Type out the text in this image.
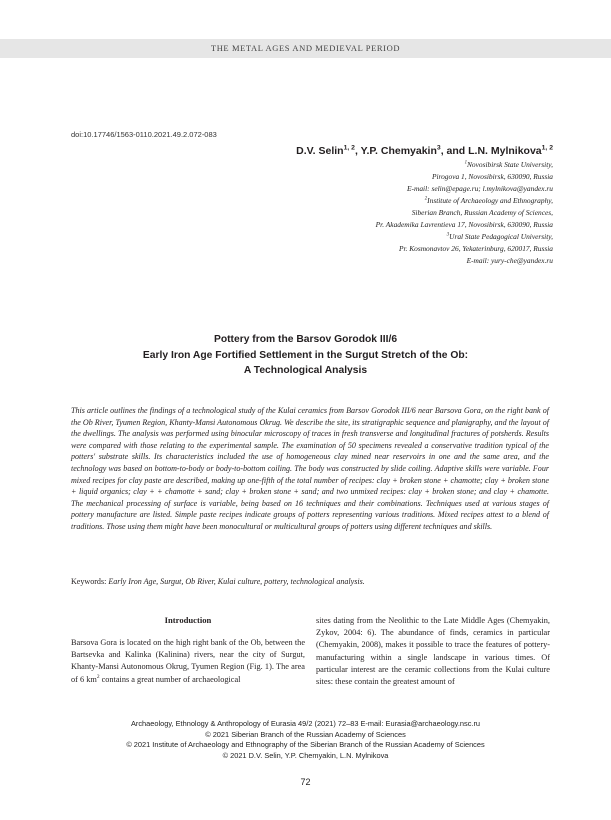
THE METAL AGES AND MEDIEVAL PERIOD
doi:10.17746/1563-0110.2021.49.2.072-083
D.V. Selin$^{1, 2}$, Y.P. Chemyakin$^3$, and L.N. Mylnikova$^{1, 2}$
$^1$Novosibirsk State University,
Pirogova 1, Novosibirsk, 630090, Russia
E-mail: selin@epage.ru; l.mylnikova@yandex.ru
$^2$Institute of Archaeology and Ethnography,
Siberian Branch, Russian Academy of Sciences,
Pr. Akademika Lavrentieva 17, Novosibirsk, 630090, Russia
$^3$Ural State Pedagogical University,
Pr. Kosmonavtov 26, Yekaterinburg, 620017, Russia
E-mail: yury-che@yandex.ru
Pottery from the Barsov Gorodok III/6
Early Iron Age Fortified Settlement in the Surgut Stretch of the Ob:
A Technological Analysis
This article outlines the findings of a technological study of the Kulai ceramics from Barsov Gorodok III/6 near Barsova Gora, on the right bank of the Ob River, Tyumen Region, Khanty-Mansi Autonomous Okrug. We describe the site, its stratigraphic sequence and planigraphy, and the layout of the dwellings. The analysis was performed using binocular microscopy of traces in fresh transverse and longitudinal fractures of potsherds. Results were compared with those relating to the experimental sample. The examination of 50 specimens revealed a conservative tradition typical of the potters' substrate skills. Its characteristics included the use of homogeneous clay mined near reservoirs in one and the same area, and the technology was based on bottom-to-body or body-to-bottom coiling. The body was constructed by slide coiling. Adaptive skills were variable. Four mixed recipes for clay paste are described, making up one-fifth of the total number of recipes: clay + broken stone + chamotte; clay + broken stone + liquid organics; clay + + chamotte + sand; clay + broken stone + sand; and two unmixed recipes: clay + broken stone; and clay + chamotte. The mechanical processing of surface is variable, being based on 16 techniques and their combinations. Techniques used at various stages of pottery manufacture are listed. Simple paste recipes indicate groups of potters representing various traditions. Mixed recipes attest to a blend of traditions. Those using them might have been monocultural or multicultural groups of potters using different techniques and skills.
Keywords: Early Iron Age, Surgut, Ob River, Kulai culture, pottery, technological analysis.
Introduction
Barsova Gora is located on the high right bank of the Ob, between the Bartsevka and Kalinka (Kalinina) rivers, near the city of Surgut, Khanty-Mansi Autonomous Okrug, Tyumen Region (Fig. 1). The area of 6 $km^2$ contains a great number of archaeological
sites dating from the Neolithic to the Late Middle Ages (Chemyakin, Zykov, 2004: 6). The abundance of finds, ceramics in particular (Chemyakin, 2008), makes it possible to trace the features of pottery-manufacturing within a single landscape in various times. Of particular interest are the ceramic collections from the Kulai culture sites: these contain the greatest amount of
Archaeology, Ethnology & Anthropology of Eurasia 49/2 (2021) 72–83 E-mail: Eurasia@archaeology.nsc.ru
© 2021 Siberian Branch of the Russian Academy of Sciences
© 2021 Institute of Archaeology and Ethnography of the Siberian Branch of the Russian Academy of Sciences
© 2021 D.V. Selin, Y.P. Chemyakin, L.N. Mylnikova
72
